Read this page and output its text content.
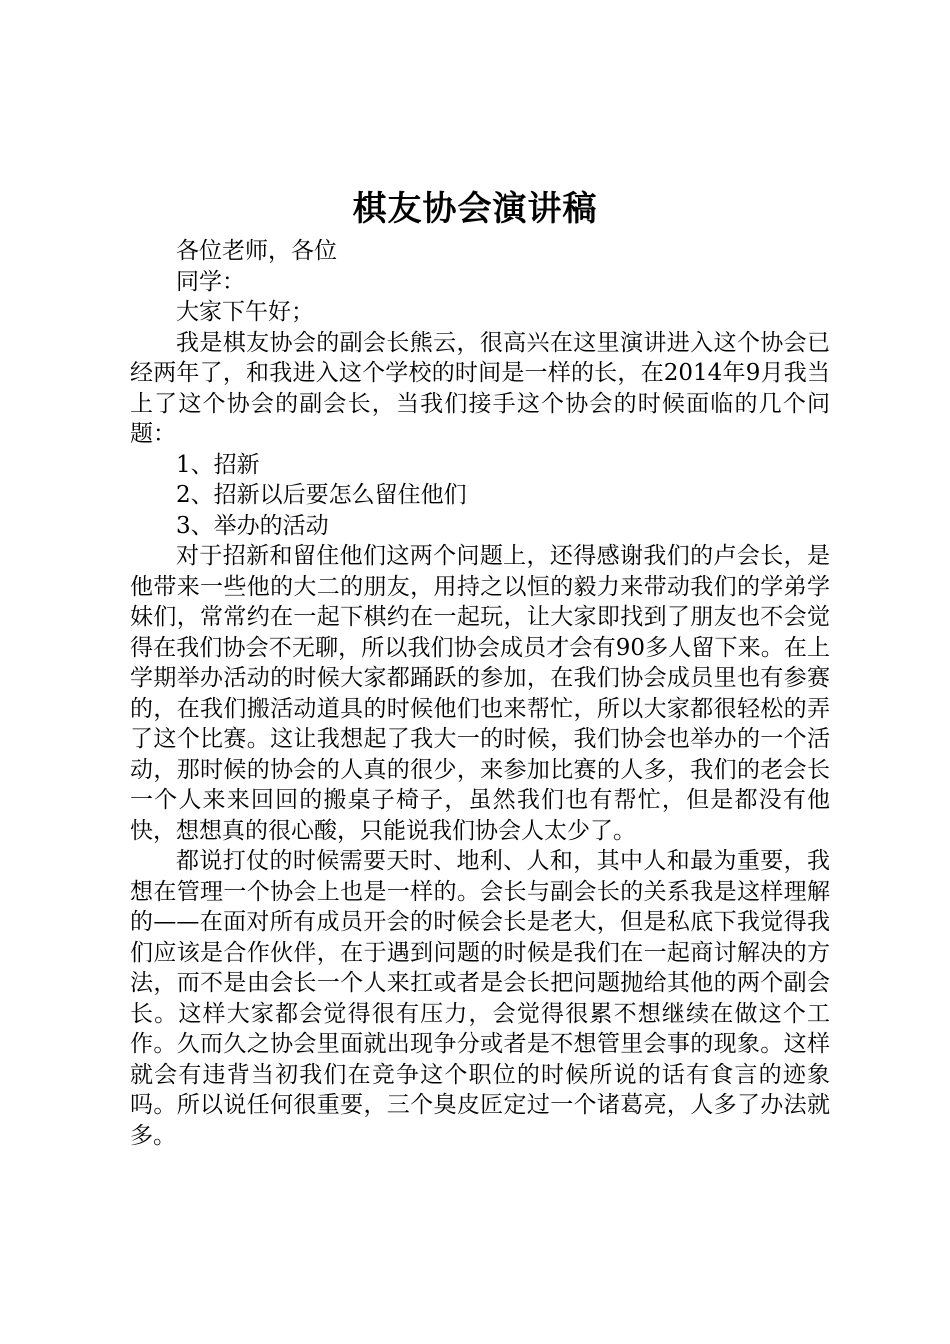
棋友协会演讲稿

各位老师，各位

同学：

大家下午好；

我是棋友协会的副会长熊云，很高兴在这里演讲进入这个协会已经两年了，和我进入这个学校的时间是一样的长，在2014年9月我当上了这个协会的副会长，当我们接手这个协会的时候面临的几个问题：

1、招新

2、招新以后要怎么留住他们

3、举办的活动

对于招新和留住他们这两个问题上，还得感谢我们的卢会长，是他带来一些他的大二的朋友，用持之以恒的毅力来带动我们的学弟学妹们，常常约在一起下棋约在一起玩，让大家即找到了朋友也不会觉得在我们协会不无聊，所以我们协会成员才会有90多人留下来。在上学期举办活动的时候大家都踊跃的参加，在我们协会成员里也有参赛的，在我们搬活动道具的时候他们也来帮忙，所以大家都很轻松的弄了这个比赛。这让我想起了我大一的时候，我们协会也举办的一个活动，那时候的协会的人真的很少，来参加比赛的人多，我们的老会长一个人来来回回的搬桌子椅子，虽然我们也有帮忙，但是都没有他快，想想真的很心酸，只能说我们协会人太少了。

都说打仗的时候需要天时、地利、人和，其中人和最为重要，我想在管理一个协会上也是一样的。会长与副会长的关系我是这样理解的——在面对所有成员开会的时候会长是老大，但是私底下我觉得我们应该是合作伙伴，在于遇到问题的时候是我们在一起商讨解决的方法，而不是由会长一个人来扛或者是会长把问题抛给其他的两个副会长。这样大家都会觉得很有压力，会觉得很累不想继续在做这个工作。久而久之协会里面就出现争分或者是不想管里会事的现象。这样就会有违背当初我们在竞争这个职位的时候所说的话有食言的迹象吗。所以说任何很重要，三个臭皮匠定过一个诸葛亮，人多了办法就多。
